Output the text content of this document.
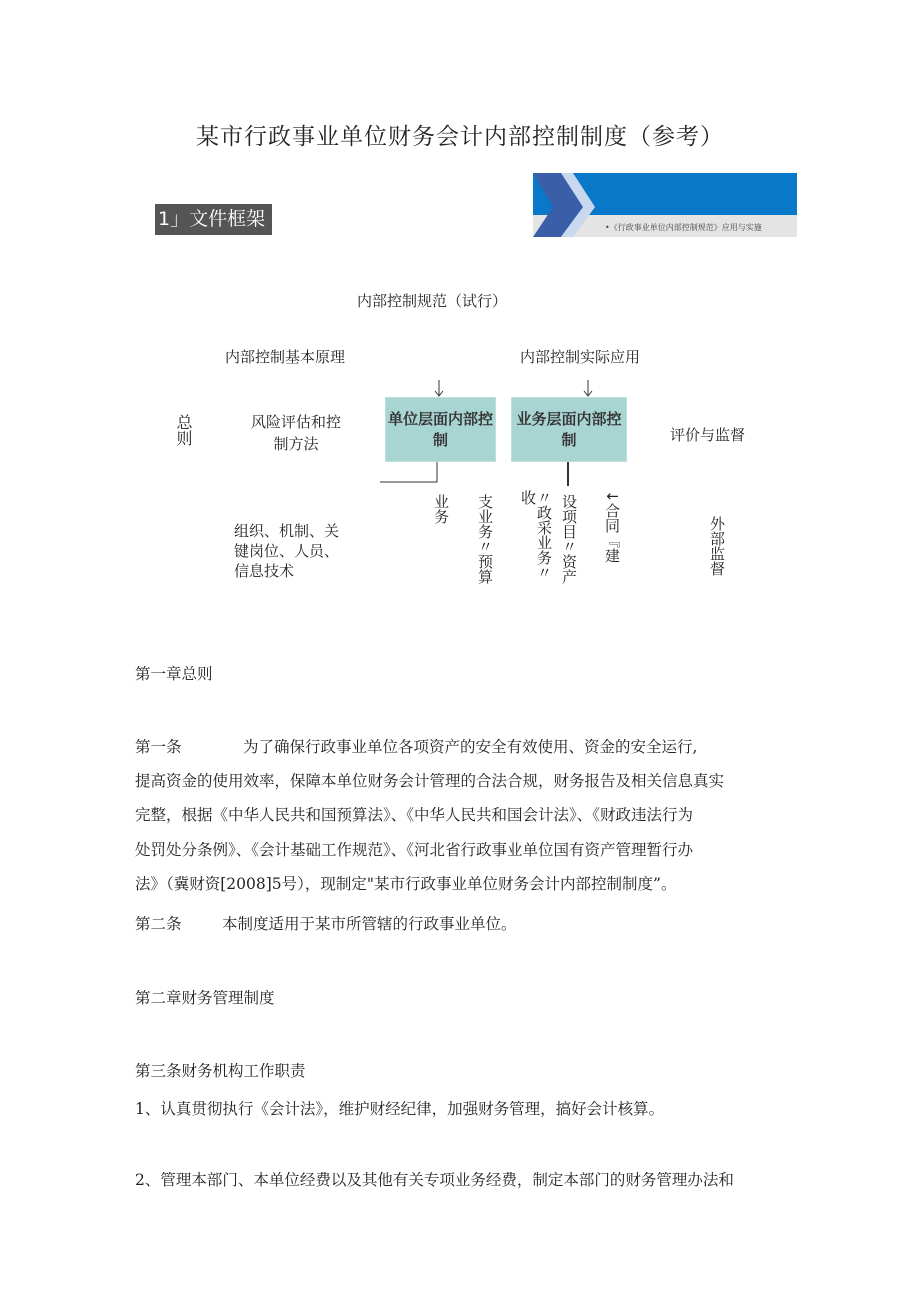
某市行政事业单位财务会计内部控制制度（参考）
1」文件框架	•《行政事业单位内部控制规范》应用与实施
内部控制规范（试行）
内部控制基本原理	内部控制实际应用
总则	风险评估和控制方法
单位层面内部控制
业务层面内部控制	评价与监督
组织、机制、关键岗位、人员、信息技术
业务 支业务〃预算	〃政采业务〃收	设项目〃资产 ↓合同『建	外部监督
第一章总则
第一条	为了确保行政事业单位各项资产的安全有效使用、资金的安全运行,
提高资金的使用效率，保障本单位财务会计管理的合法合规，财务报告及相关信息真实
完整，根据《中华人民共和国预算法》、《中华人民共和国会计法》、《财政违法行为
处罚处分条例》、《会计基础工作规范》、《河北省行政事业单位国有资产管理暂行办
法》（冀财资[2008]5号），现制定"某市行政事业单位财务会计内部控制制度”。
第二条	本制度适用于某市所管辖的行政事业单位。
第二章财务管理制度
第三条财务机构工作职责
1、认真贯彻执行《会计法》，维护财经纪律，加强财务管理，搞好会计核算。
2、管理本部门、本单位经费以及其他有关专项业务经费，制定本部门的财务管理办法和
